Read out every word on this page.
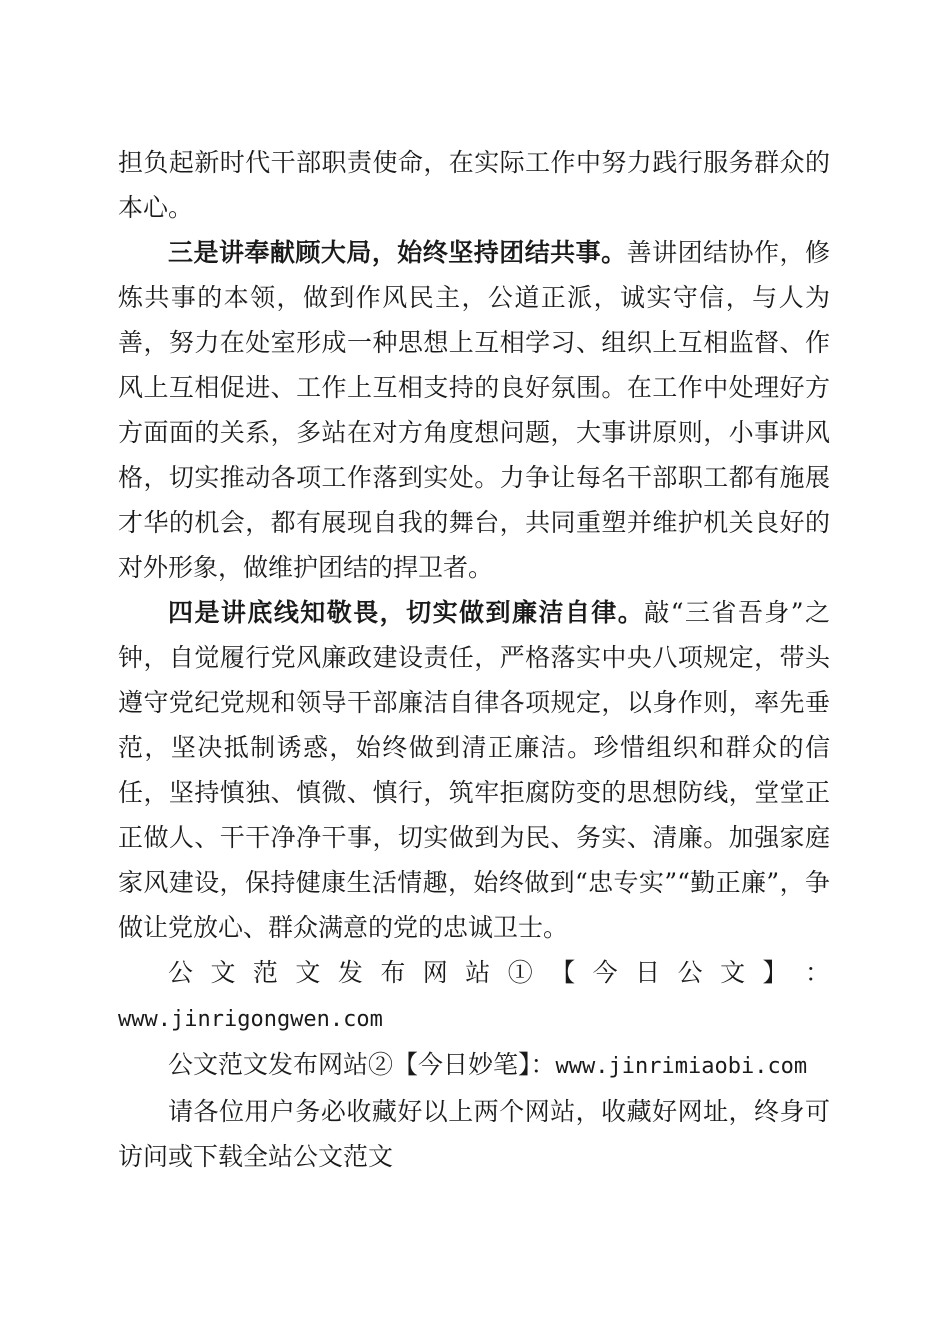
担负起新时代干部职责使命，在实际工作中努力践行服务群众的本心。

三是讲奉献顾大局，始终坚持团结共事。善讲团结协作，修炼共事的本领，做到作风民主，公道正派，诚实守信，与人为善，努力在处室形成一种思想上互相学习、组织上互相监督、作风上互相促进、工作上互相支持的良好氛围。在工作中处理好方方面面的关系，多站在对方角度想问题，大事讲原则，小事讲风格，切实推动各项工作落到实处。力争让每名干部职工都有施展才华的机会，都有展现自我的舞台，共同重塑并维护机关良好的对外形象，做维护团结的捍卫者。

四是讲底线知敬畏，切实做到廉洁自律。敲“三省吾身”之钟，自觉履行党风廉政建设责任，严格落实中央八项规定，带头遵守党纪党规和领导干部廉洁自律各项规定，以身作则，率先垂范，坚决抵制诱惑，始终做到清正廉洁。珍惜组织和群众的信任，坚持慎独、慎微、慎行，筑牢拒腐防变的思想防线，堂堂正正做人、干干净净干事，切实做到为民、务实、清廉。加强家庭家风建设，保持健康生活情趣，始终做到“忠专实”“勤正廉”，争做让党放心、群众满意的党的忠诚卫士。

公 文 范 文 发 布 网 站 ① 【 今 日 公 文 】 ：

www.jinrigongwen.com

公文范文发布网站②【今日妙笔】：www.jinrimiaobi.com

请各位用户务必收藏好以上两个网站，收藏好网址，终身可访问或下载全站公文范文
